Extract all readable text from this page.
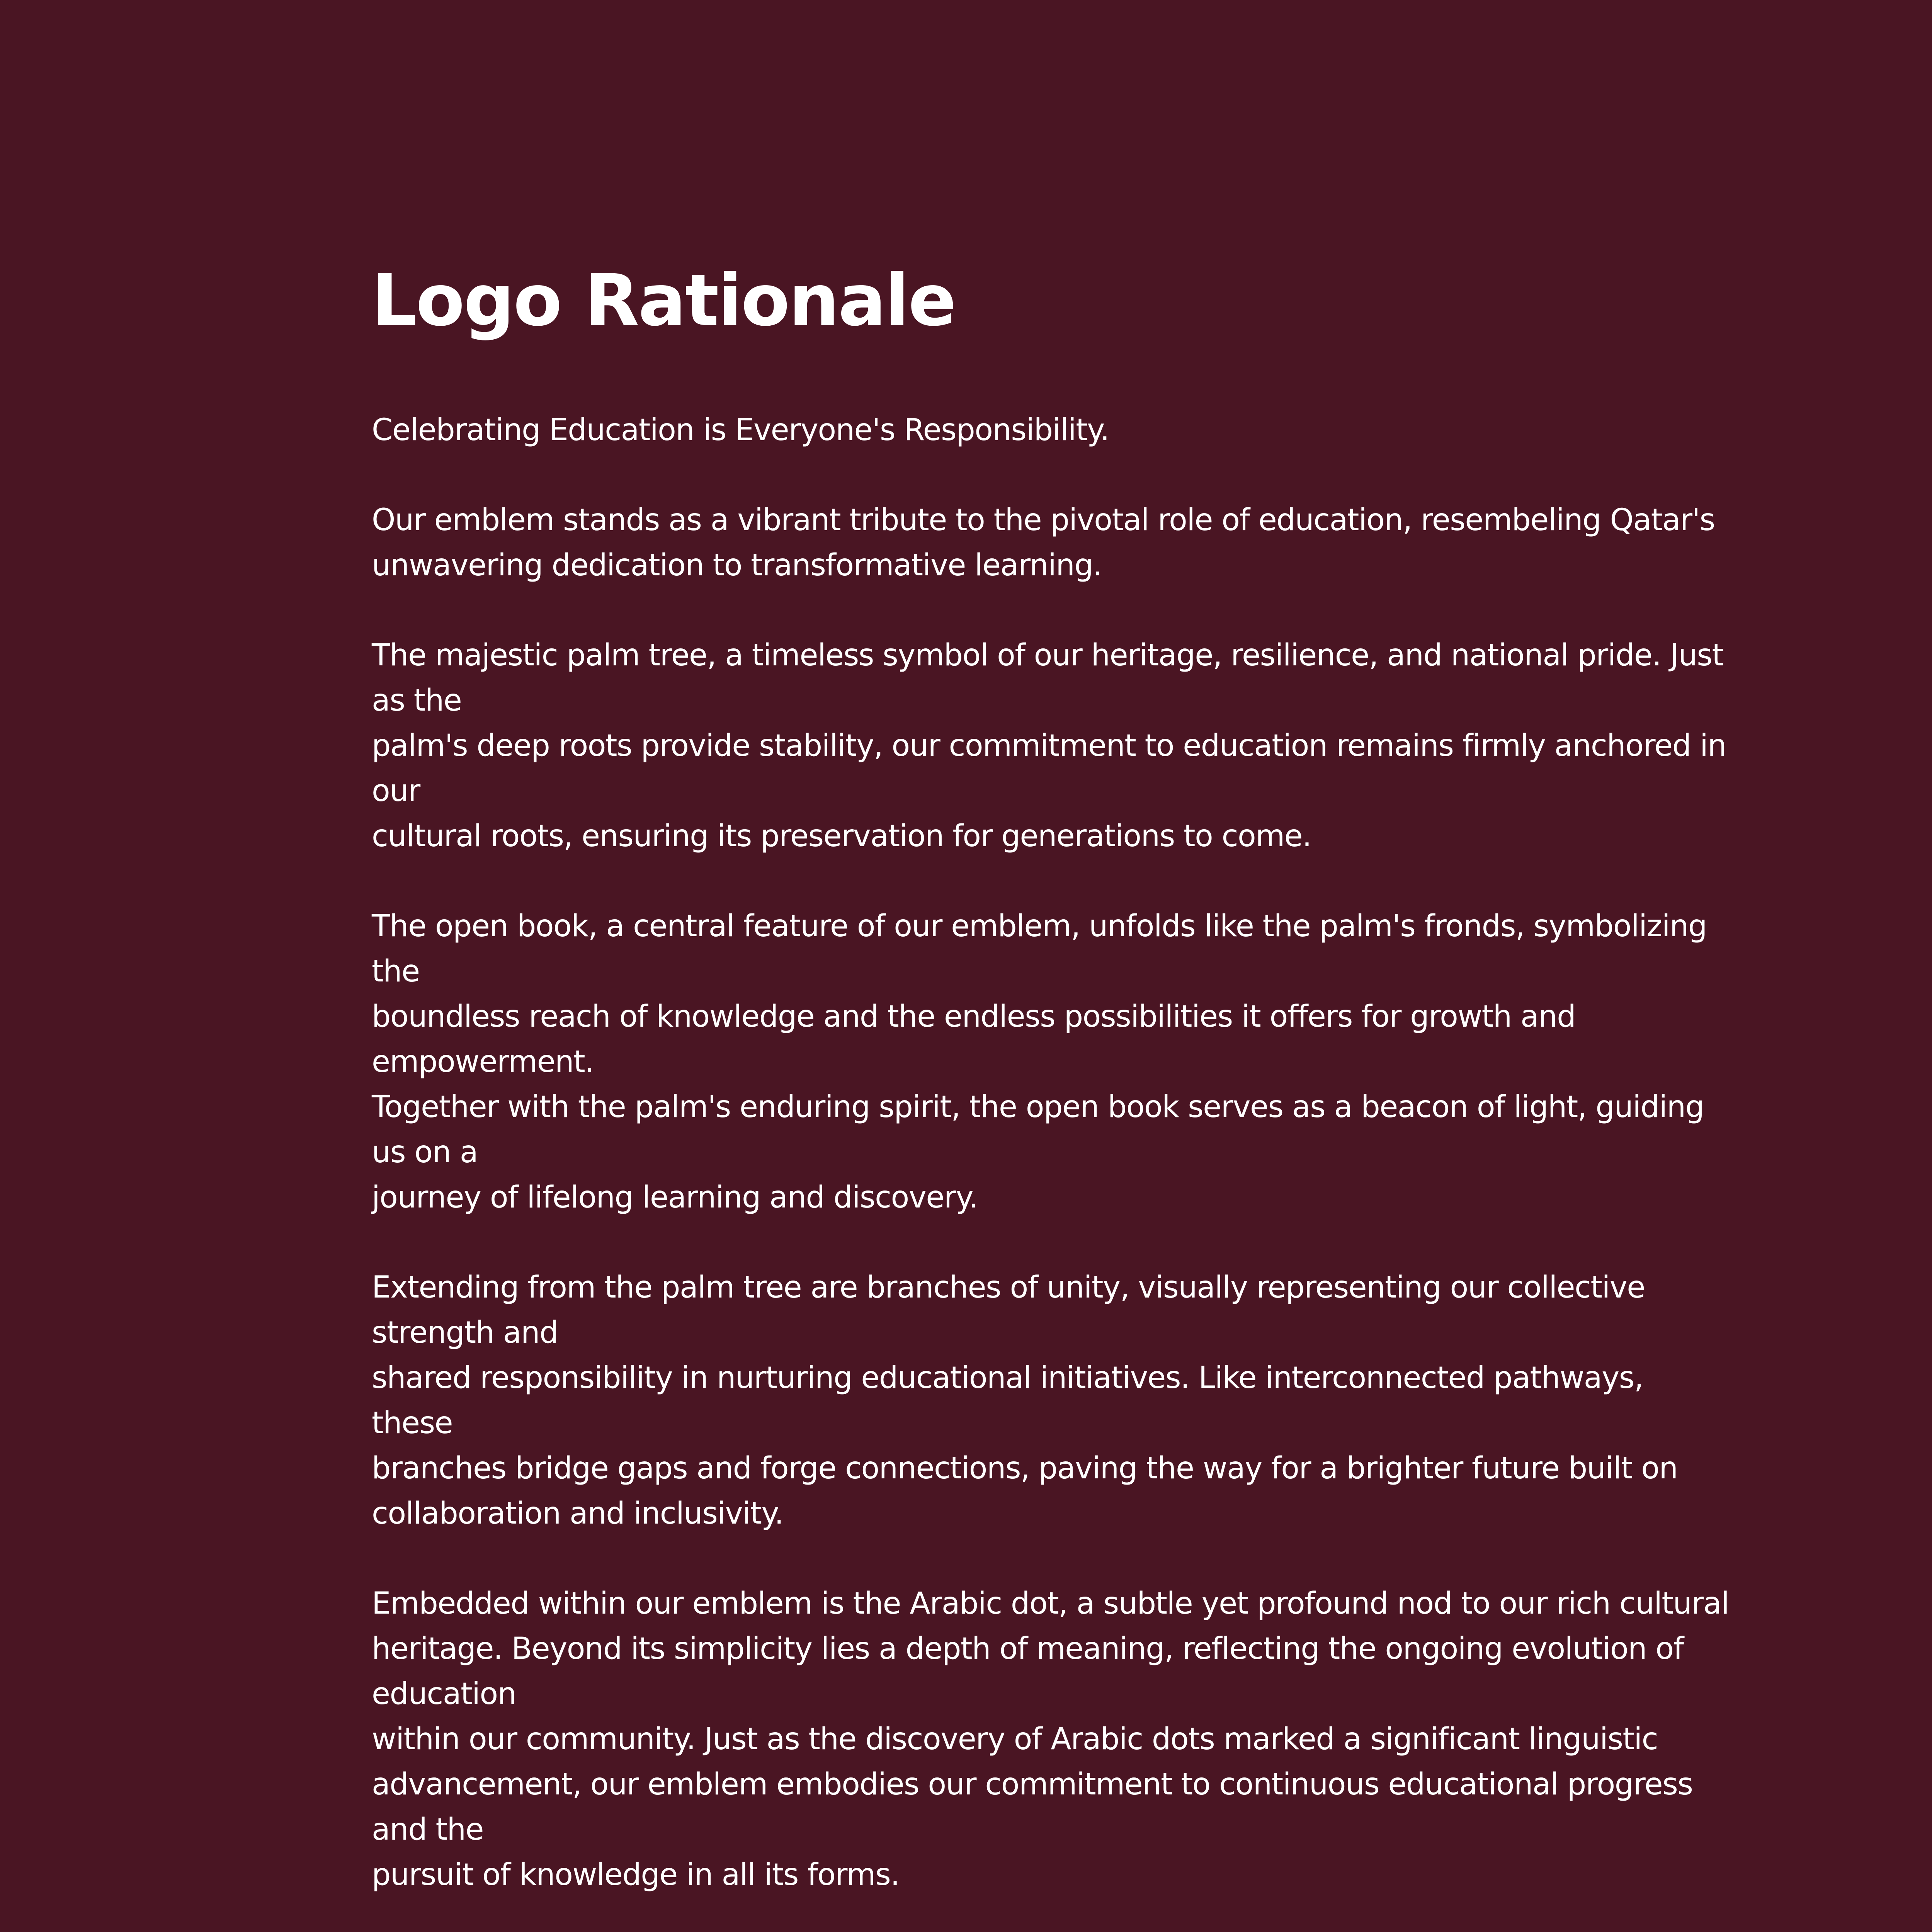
Logo Rationale

Celebrating Education is Everyone's Responsibility.

Our emblem stands as a vibrant tribute to the pivotal role of education, resembeling Qatar's
unwavering dedication to transformative learning.

The majestic palm tree, a timeless symbol of our heritage, resilience, and national pride. Just as the
palm's deep roots provide stability, our commitment to education remains firmly anchored in our
cultural roots, ensuring its preservation for generations to come.

The open book, a central feature of our emblem, unfolds like the palm's fronds, symbolizing the
boundless reach of knowledge and the endless possibilities it offers for growth and empowerment.
Together with the palm's enduring spirit, the open book serves as a beacon of light, guiding us on a
journey of lifelong learning and discovery.

Extending from the palm tree are branches of unity, visually representing our collective strength and
shared responsibility in nurturing educational initiatives. Like interconnected pathways, these
branches bridge gaps and forge connections, paving the way for a brighter future built on
collaboration and inclusivity.

Embedded within our emblem is the Arabic dot, a subtle yet profound nod to our rich cultural
heritage. Beyond its simplicity lies a depth of meaning, reflecting the ongoing evolution of education
within our community. Just as the discovery of Arabic dots marked a significant linguistic
advancement, our emblem embodies our commitment to continuous educational progress and the
pursuit of knowledge in all its forms.
